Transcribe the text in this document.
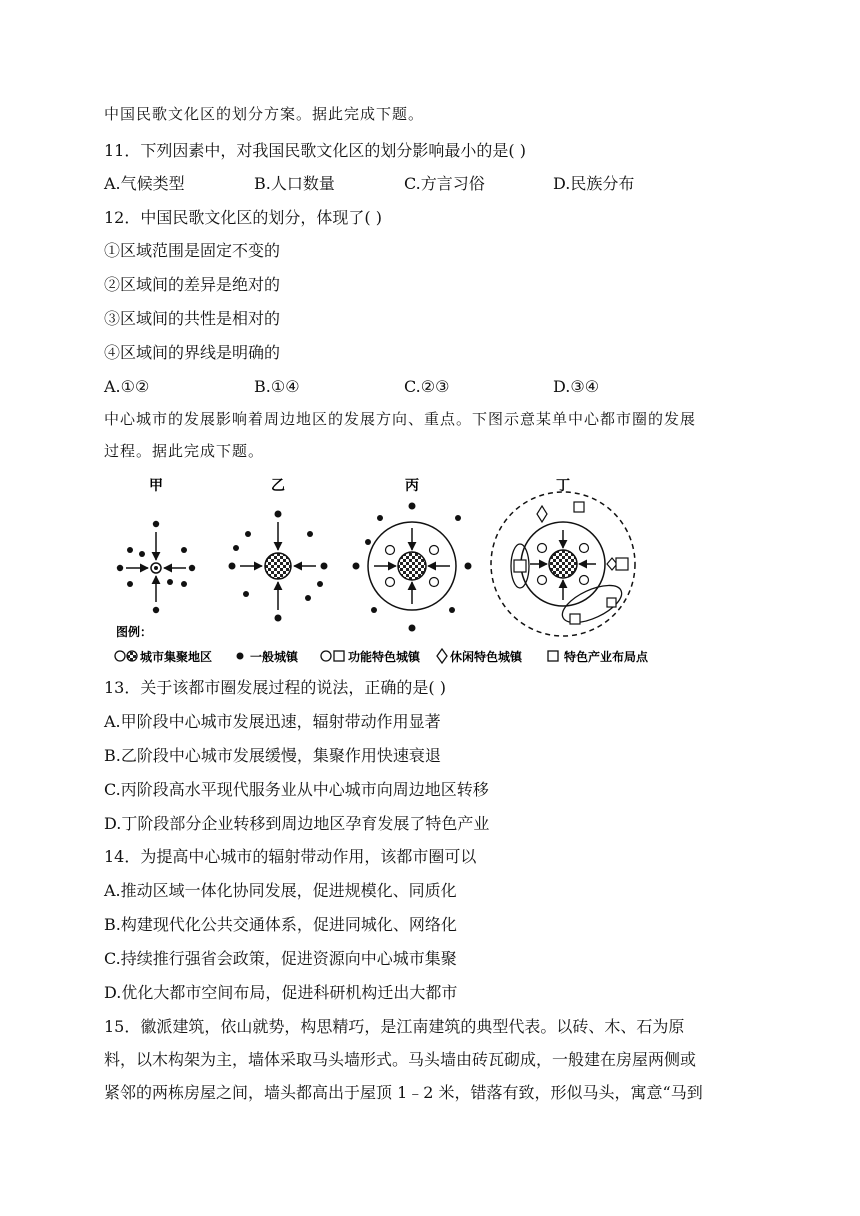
中国民歌文化区的划分方案。据此完成下题。
11．下列因素中，对我国民歌文化区的划分影响最小的是( )
A.气候类型	B.人口数量	C.方言习俗	D.民族分布
12．中国民歌文化区的划分，体现了( )
①区域范围是固定不变的
②区域间的差异是绝对的
③区域间的共性是相对的
④区域间的界线是明确的
A.①②	B.①④	C.②③	D.③④
中心城市的发展影响着周边地区的发展方向、重点。下图示意某单中心都市圈的发展
过程。据此完成下题。
甲	乙	丙	丁
图例：
城市集聚地区	一般城镇	功能特色城镇 休闲特色城镇	特色产业布局点
13．关于该都市圈发展过程的说法，正确的是( )
A.甲阶段中心城市发展迅速，辐射带动作用显著
B.乙阶段中心城市发展缓慢，集聚作用快速衰退
C.丙阶段高水平现代服务业从中心城市向周边地区转移
D.丁阶段部分企业转移到周边地区孕育发展了特色产业
14．为提高中心城市的辐射带动作用，该都市圈可以
A.推动区域一体化协同发展，促进规模化、同质化
B.构建现代化公共交通体系，促进同城化、网络化
C.持续推行强省会政策，促进资源向中心城市集聚
D.优化大都市空间布局，促进科研机构迁出大都市
15．徽派建筑，依山就势，构思精巧，是江南建筑的典型代表。以砖、木、石为原
料，以木构架为主，墙体采取马头墙形式。马头墙由砖瓦砌成，一般建在房屋两侧或
紧邻的两栋房屋之间，墙头都高出于屋顶 1﹣2 米，错落有致，形似马头，寓意“马到
